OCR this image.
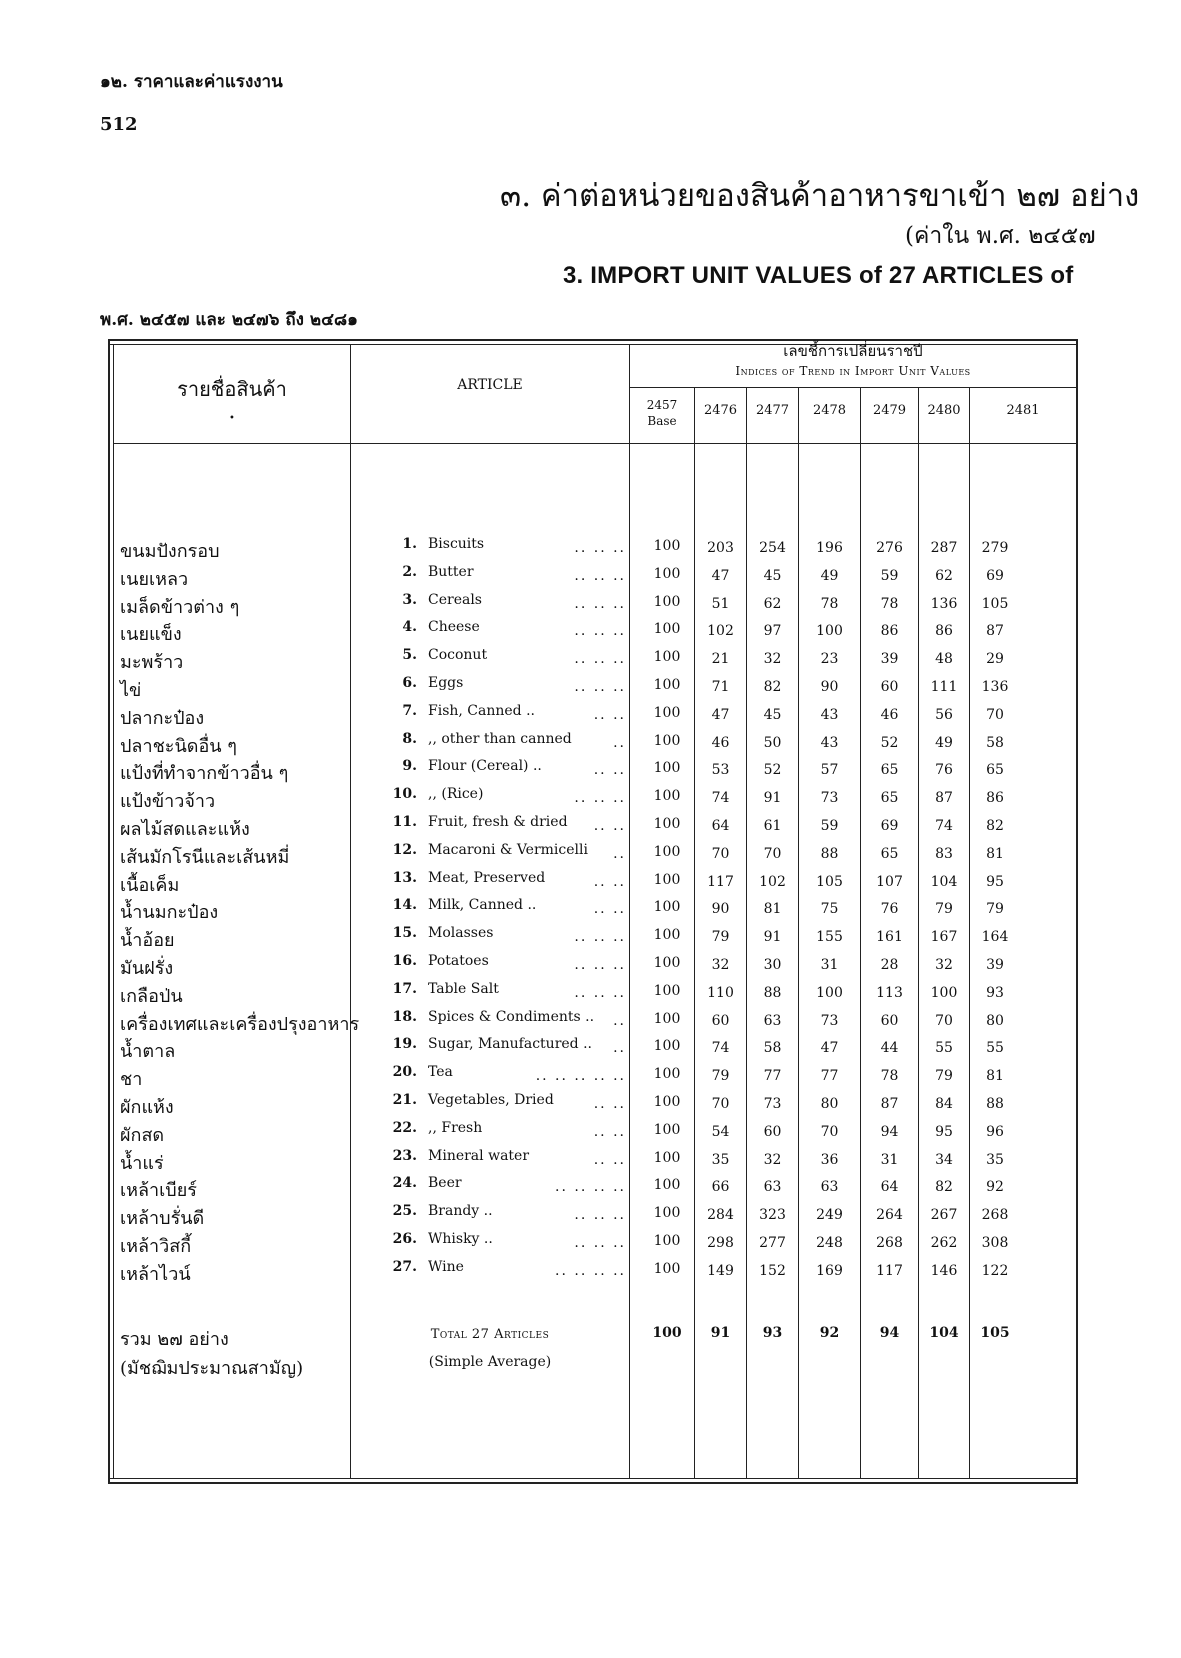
๑๒. ราคาและค่าแรงงาน
512
๓. ค่าต่อหน่วยของสินค้าอาหารขาเข้า ๒๗ อย่าง
(ค่าใน พ.ศ. ๒๔๕๗
3. IMPORT UNIT VALUES of 27 ARTICLES of
พ.ศ. ๒๔๕๗ และ ๒๔๗๖ ถึง ๒๔๘๑
รายชื่อสินค้า
•
ARTICLE
เลขชี้การเปลี่ยนราชปี
Indices of Trend in Import Unit Values
2457
Base
2476	2477	2478	2479	2480	2481
ขนมปังกรอบ	1. Biscuits	.. .. ..	100	203	254	196	276	287	279
เนยเหลว	2. Butter	.. .. ..	100	47	45	49	59	62	69
เมล็ดข้าวต่าง ๆ	3. Cereals	.. .. ..	100	51	62	78	78	136	105
เนยแข็ง	4. Cheese	.. .. ..	100	102	97	100	86	86	87
มะพร้าว	5. Coconut	.. .. ..	100	21	32	23	39	48	29
ไข่	6. Eggs	.. .. ..	100	71	82	90	60	111	136
ปลากะป๋อง	7. Fish, Canned ..	.. ..	100	47	45	43	46	56	70
ปลาชะนิดอื่น ๆ	8. ,, other than canned	..	100	46	50	43	52	49	58
แป้งที่ทำจากข้าวอื่น ๆ	9. Flour (Cereal) ..	.. ..	100	53	52	57	65	76	65
แป้งข้าวจ้าว	10. ,, (Rice)	.. .. ..	100	74	91	73	65	87	86
ผลไม้สดและแห้ง	11. Fruit, fresh & dried .. ..	100	64	61	59	69	74	82
เส้นมักโรนีและเส้นหมี่	12. Macaroni & Vermicelli ..	100	70	70	88	65	83	81
เนื้อเค็ม	13. Meat, Preserved	.. ..	100	117	102	105	107	104	95
น้ำนมกะป๋อง	14. Milk, Canned ..	.. ..	100	90	81	75	76	79	79
น้ำอ้อย	15. Molasses	.. .. ..	100	79	91	155	161	167	164
มันฝรั่ง	16. Potatoes	.. .. ..	100	32	30	31	28	32	39
เกลือป่น	17. Table Salt	.. .. ..	100	110	88	100	113	100	93
เครื่องเทศและเครื่องปรุงอาหาร	18. Spices & Condiments .. ..	100	60	63	73	60	70	80
น้ำตาล	19. Sugar, Manufactured .. ..	100	74	58	47	44	55	55
ชา	20. Tea	.. .. .. .. ..	100	79	77	77	78	79	81
ผักแห้ง	21. Vegetables, Dried	.. ..	100	70	73	80	87	84	88
ผักสด	22. ,, Fresh	.. ..	100	54	60	70	94	95	96
น้ำแร่	23. Mineral water	.. ..	100	35	32	36	31	34	35
เหล้าเบียร์	24. Beer	.. .. .. ..	100	66	63	63	64	82	92
เหล้าบรั่นดี	25. Brandy ..	.. .. ..	100	284	323	249	264	267	268
เหล้าวิสกี้	26. Whisky ..	.. .. ..	100	298	277	248	268	262	308
เหล้าไวน์	27. Wine	.. .. .. ..	100	149	152	169	117	146	122
รวม ๒๗ อย่าง
(มัชฌิมประมาณสามัญ)
Total 27 Articles
(Simple Average)
100	91	93	92	94	104	105
